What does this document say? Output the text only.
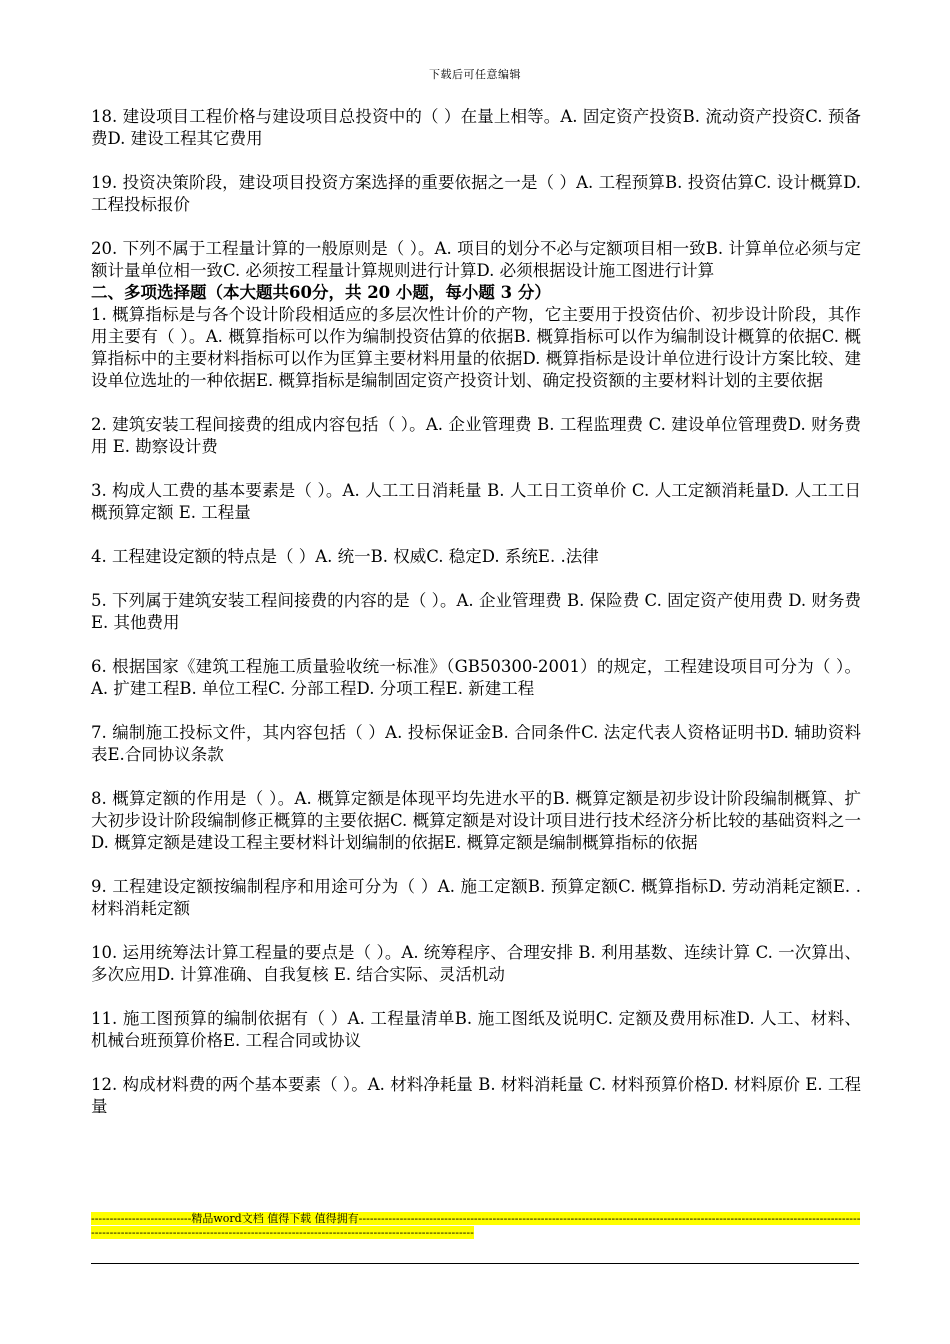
下载后可任意编辑

18. 建设项目工程价格与建设项目总投资中的（ ）在量上相等。A. 固定资产投资B. 流动资产投资C. 预备费D. 建设工程其它费用

19. 投资决策阶段，建设项目投资方案选择的重要依据之一是（ ）A. 工程预算B. 投资估算C. 设计概算D. 工程投标报价

20. 下列不属于工程量计算的一般原则是（ ）。A. 项目的划分不必与定额项目相一致B. 计算单位必须与定额计量单位相一致C. 必须按工程量计算规则进行计算D. 必须根据设计施工图进行计算

二、多项选择题（本大题共60分，共 20 小题，每小题 3 分）

1. 概算指标是与各个设计阶段相适应的多层次性计价的产物，它主要用于投资估价、初步设计阶段，其作用主要有（ ）。A. 概算指标可以作为编制投资估算的依据B. 概算指标可以作为编制设计概算的依据C. 概算指标中的主要材料指标可以作为匡算主要材料用量的依据D. 概算指标是设计单位进行设计方案比较、建设单位选址的一种依据E. 概算指标是编制固定资产投资计划、确定投资额的主要材料计划的主要依据

2. 建筑安装工程间接费的组成内容包括（ ）。A. 企业管理费 B. 工程监理费 C. 建设单位管理费D. 财务费用 E. 勘察设计费

3. 构成人工费的基本要素是（ ）。A. 人工工日消耗量 B. 人工日工资单价 C. 人工定额消耗量D. 人工工日概预算定额 E. 工程量

4. 工程建设定额的特点是（ ）A. 统一B. 权威C. 稳定D. 系统E. .法律

5. 下列属于建筑安装工程间接费的内容的是（ ）。A. 企业管理费 B. 保险费 C. 固定资产使用费 D. 财务费 E. 其他费用

6. 根据国家《建筑工程施工质量验收统一标准》（GB50300-2001）的规定，工程建设项目可分为（ ）。A. 扩建工程B. 单位工程C. 分部工程D. 分项工程E. 新建工程

7. 编制施工投标文件，其内容包括（ ）A. 投标保证金B. 合同条件C. 法定代表人资格证明书D. 辅助资料表E.合同协议条款

8. 概算定额的作用是（ ）。A. 概算定额是体现平均先进水平的B. 概算定额是初步设计阶段编制概算、扩大初步设计阶段编制修正概算的主要依据C. 概算定额是对设计项目进行技术经济分析比较的基础资料之一D. 概算定额是建设工程主要材料计划编制的依据E. 概算定额是编制概算指标的依据

9. 工程建设定额按编制程序和用途可分为（ ）A. 施工定额B. 预算定额C. 概算指标D. 劳动消耗定额E. .材料消耗定额

10. 运用统筹法计算工程量的要点是（ ）。A. 统筹程序、合理安排 B. 利用基数、连续计算 C. 一次算出、多次应用D. 计算准确、自我复核 E. 结合实际、灵活机动

11. 施工图预算的编制依据有（ ）A. 工程量清单B. 施工图纸及说明C. 定额及费用标准D. 人工、材料、机械台班预算价格E. 工程合同或协议

12. 构成材料费的两个基本要素（ ）。A. 材料净耗量 B. 材料消耗量 C. 材料预算价格D. 材料原价 E. 工程量

---------------------------精品word文档 值得下载 值得拥有----------------------------------------------------------------------------------------------------------------------------------------------------------------------------------------------------------------------------------------------
